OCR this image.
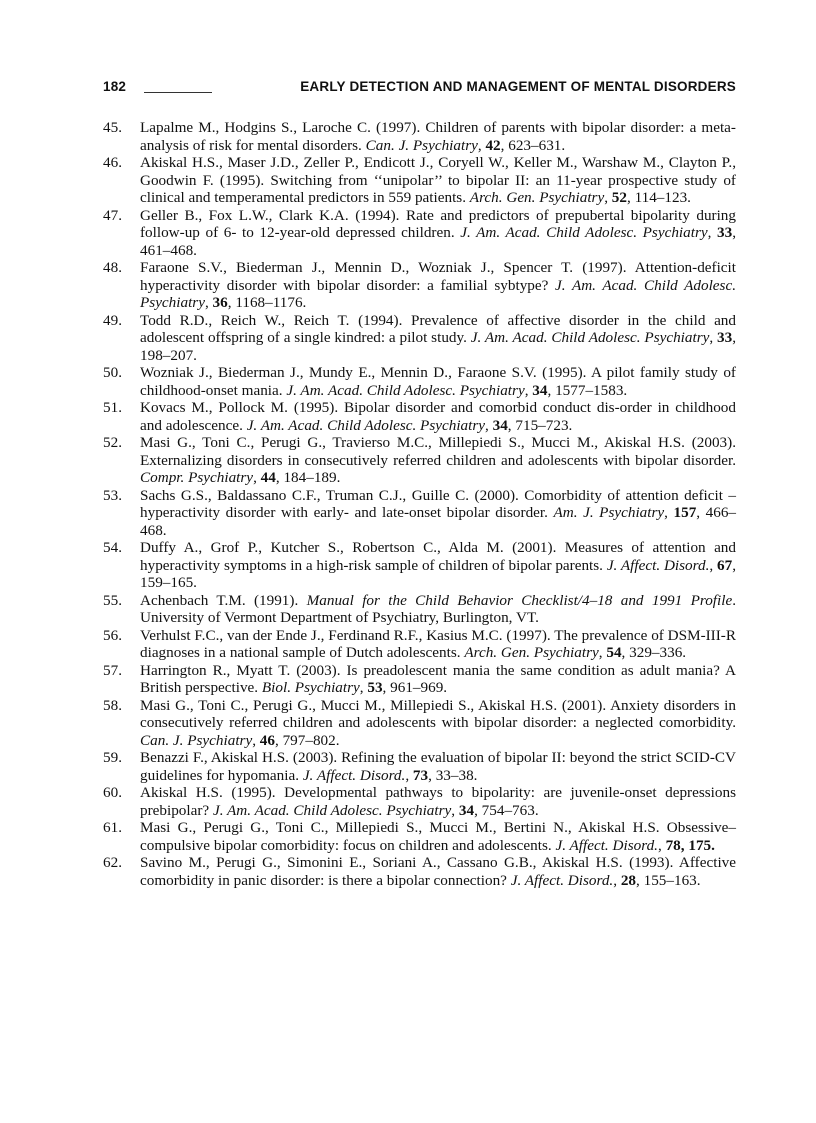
182	EARLY DETECTION AND MANAGEMENT OF MENTAL DISORDERS

45. Lapalme M., Hodgins S., Laroche C. (1997). Children of parents with bipolar disorder: a meta-analysis of risk for mental disorders. Can. J. Psychiatry, 42, 623–631.

46. Akiskal H.S., Maser J.D., Zeller P., Endicott J., Coryell W., Keller M., Warshaw M., Clayton P., Goodwin F. (1995). Switching from ‘‘unipolar’’ to bipolar II: an 11-year prospective study of clinical and temperamental predictors in 559 patients. Arch. Gen. Psychiatry, 52, 114–123.

47. Geller B., Fox L.W., Clark K.A. (1994). Rate and predictors of prepubertal bipolarity during follow-up of 6- to 12-year-old depressed children. J. Am. Acad. Child Adolesc. Psychiatry, 33, 461–468.

48. Faraone S.V., Biederman J., Mennin D., Wozniak J., Spencer T. (1997). Attention-deficit hyperactivity disorder with bipolar disorder: a familial sybtype? J. Am. Acad. Child Adolesc. Psychiatry, 36, 1168–1176.

49. Todd R.D., Reich W., Reich T. (1994). Prevalence of affective disorder in the child and adolescent offspring of a single kindred: a pilot study. J. Am. Acad. Child Adolesc. Psychiatry, 33, 198–207.

50. Wozniak J., Biederman J., Mundy E., Mennin D., Faraone S.V. (1995). A pilot family study of childhood-onset mania. J. Am. Acad. Child Adolesc. Psychiatry, 34, 1577–1583.

51. Kovacs M., Pollock M. (1995). Bipolar disorder and comorbid conduct dis-order in childhood and adolescence. J. Am. Acad. Child Adolesc. Psychiatry, 34, 715–723.

52. Masi G., Toni C., Perugi G., Travierso M.C., Millepiedi S., Mucci M., Akiskal H.S. (2003). Externalizing disorders in consecutively referred children and adolescents with bipolar disorder. Compr. Psychiatry, 44, 184–189.

53. Sachs G.S., Baldassano C.F., Truman C.J., Guille C. (2000). Comorbidity of attention deficit – hyperactivity disorder with early- and late-onset bipolar disorder. Am. J. Psychiatry, 157, 466–468.

54. Duffy A., Grof P., Kutcher S., Robertson C., Alda M. (2001). Measures of attention and hyperactivity symptoms in a high-risk sample of children of bipolar parents. J. Affect. Disord., 67, 159–165.

55. Achenbach T.M. (1991). Manual for the Child Behavior Checklist/4–18 and 1991 Profile. University of Vermont Department of Psychiatry, Burlington, VT.

56. Verhulst F.C., van der Ende J., Ferdinand R.F., Kasius M.C. (1997). The prevalence of DSM-III-R diagnoses in a national sample of Dutch adolescents. Arch. Gen. Psychiatry, 54, 329–336.

57. Harrington R., Myatt T. (2003). Is preadolescent mania the same condition as adult mania? A British perspective. Biol. Psychiatry, 53, 961–969.

58. Masi G., Toni C., Perugi G., Mucci M., Millepiedi S., Akiskal H.S. (2001). Anxiety disorders in consecutively referred children and adolescents with bipolar disorder: a neglected comorbidity. Can. J. Psychiatry, 46, 797–802.

59. Benazzi F., Akiskal H.S. (2003). Refining the evaluation of bipolar II: beyond the strict SCID-CV guidelines for hypomania. J. Affect. Disord., 73, 33–38.

60. Akiskal H.S. (1995). Developmental pathways to bipolarity: are juvenile-onset depressions prebipolar? J. Am. Acad. Child Adolesc. Psychiatry, 34, 754–763.

61. Masi G., Perugi G., Toni C., Millepiedi S., Mucci M., Bertini N., Akiskal H.S. Obsessive–compulsive bipolar comorbidity: focus on children and adolescents. J. Affect. Disord., 78, 175.

62. Savino M., Perugi G., Simonini E., Soriani A., Cassano G.B., Akiskal H.S. (1993). Affective comorbidity in panic disorder: is there a bipolar connection? J. Affect. Disord., 28, 155–163.
